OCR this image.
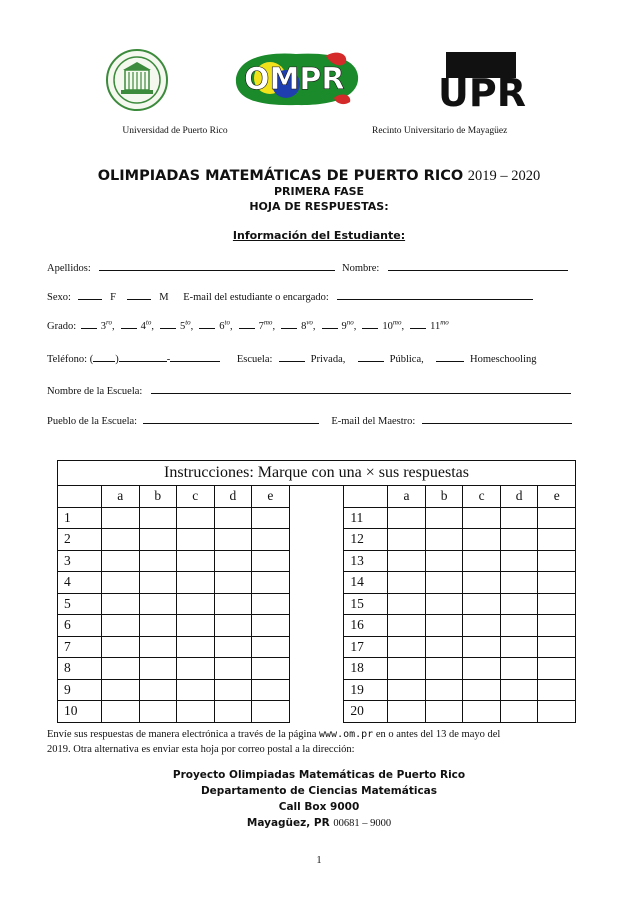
OMPR UPR
Universidad de Puerto Rico	Recinto Universitario de Mayagüez
OLIMPIADAS MATEMÁTICAS DE PUERTO RICO 2019 – 2020
PRIMERA FASE
HOJA DE RESPUESTAS:
Información del Estudiante:
Apellidos:	Nombre:
Sexo:	F	M E-mail del estudiante o encargado:
Grado: $3^{ro}$, $4^{to}$, $5^{to}$, $6^{to}$, $7^{mo}$, $8^{vo}$, $9^{no}$, $10^{mo}$, $11^{mo}$
Teléfono: ( )	-	Escuela:	Privada,	Pública,	Homeschooling
Nombre de la Escuela:
Pueblo de la Escuela:	E-mail del Maestro:
Instrucciones: Marque con una × sus respuestas												
	a	b	c	d	e			a	b	c	d	e
1							11					
2							12					
3							13					
4							14					
5							15					
6							16					
7							17					
8							18					
9							19					
10							20					
Envíe sus respuestas de manera electrónica a través de la página www.om.pr en o antes del 13 de mayo del
2019. Otra alternativa es enviar esta hoja por correo postal a la dirección:
Proyecto Olimpiadas Matemáticas de Puerto Rico
Departamento de Ciencias Matemáticas
Call Box 9000
Mayagüez, PR 00681 – 9000
1
